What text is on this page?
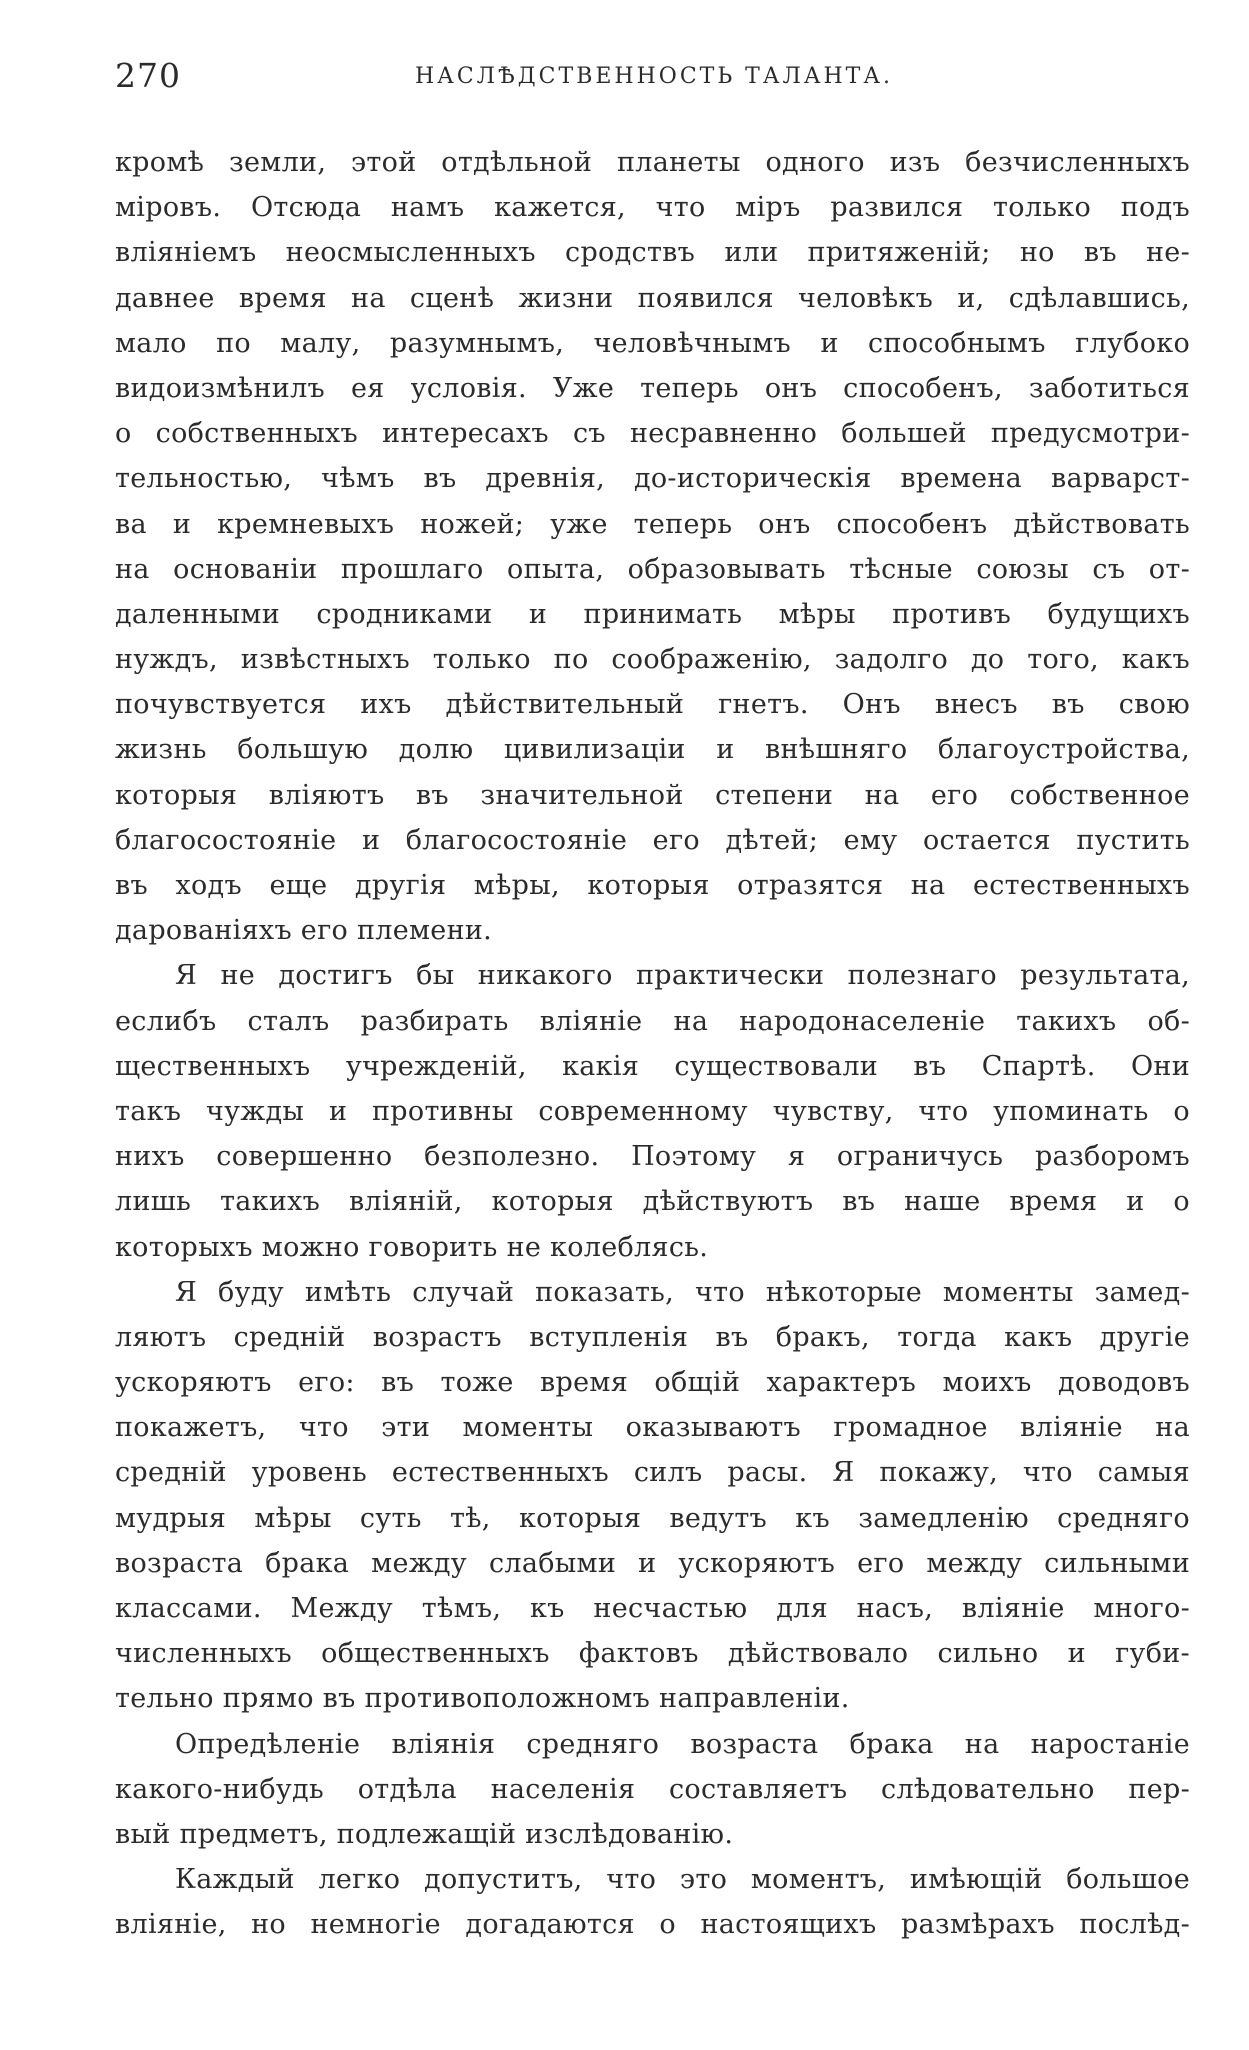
270	НАСЛѢДСТВЕННОСТЬ ТАЛАНТА.
кромѣ земли, этой отдѣльной планеты одного изъ безчисленныхъ
міровъ. Отсюда намъ кажется, что міръ развился только подъ
вліяніемъ неосмысленныхъ сродствъ или притяженій; но въ не-
давнее время на сценѣ жизни появился человѣкъ и, сдѣлавшись,
мало по малу, разумнымъ, человѣчнымъ и способнымъ глубоко
видоизмѣнилъ ея условія. Уже теперь онъ способенъ, заботиться
о собственныхъ интересахъ съ несравненно большей предусмотри-
тельностью, чѣмъ въ древнія, до-историческія времена варварст-
ва и кремневыхъ ножей; уже теперь онъ способенъ дѣйствовать
на основаніи прошлаго опыта, образовывать тѣсные союзы съ от-
даленными сродниками и принимать мѣры противъ будущихъ
нуждъ, извѣстныхъ только по соображенію, задолго до того, какъ
почувствуется ихъ дѣйствительный гнетъ. Онъ внесъ въ свою
жизнь большую долю цивилизаціи и внѣшняго благоустройства,
которыя вліяютъ въ значительной степени на его собственное
благосостояніе и благосостояніе его дѣтей; ему остается пустить
въ ходъ еще другія мѣры, которыя отразятся на естественныхъ
дарованіяхъ его племени.
Я не достигъ бы никакого практически полезнаго результата,
еслибъ сталъ разбирать вліяніе на народонаселеніе такихъ об-
щественныхъ учрежденій, какія существовали въ Спартѣ. Они
такъ чужды и противны современному чувству, что упоминать о
нихъ совершенно безполезно. Поэтому я ограничусь разборомъ
лишь такихъ вліяній, которыя дѣйствуютъ въ наше время и о
которыхъ можно говорить не колеблясь.
Я буду имѣть случай показать, что нѣкоторые моменты замед-
ляютъ средній возрастъ вступленія въ бракъ, тогда какъ другіе
ускоряютъ его: въ тоже время общій характеръ моихъ доводовъ
покажетъ, что эти моменты оказываютъ громадное вліяніе на
средній уровень естественныхъ силъ расы. Я покажу, что самыя
мудрыя мѣры суть тѣ, которыя ведутъ къ замедленію средняго
возраста брака между слабыми и ускоряютъ его между сильными
классами. Между тѣмъ, къ несчастью для насъ, вліяніе много-
численныхъ общественныхъ фактовъ дѣйствовало сильно и губи-
тельно прямо въ противоположномъ направленіи.
Опредѣленіе вліянія средняго возраста брака на наростаніе
какого-нибудь отдѣла населенія составляетъ слѣдовательно пер-
вый предметъ, подлежащій изслѣдованію.
Каждый легко допуститъ, что это моментъ, имѣющій большое
вліяніе, но немногіе догадаются о настоящихъ размѣрахъ послѣд-
